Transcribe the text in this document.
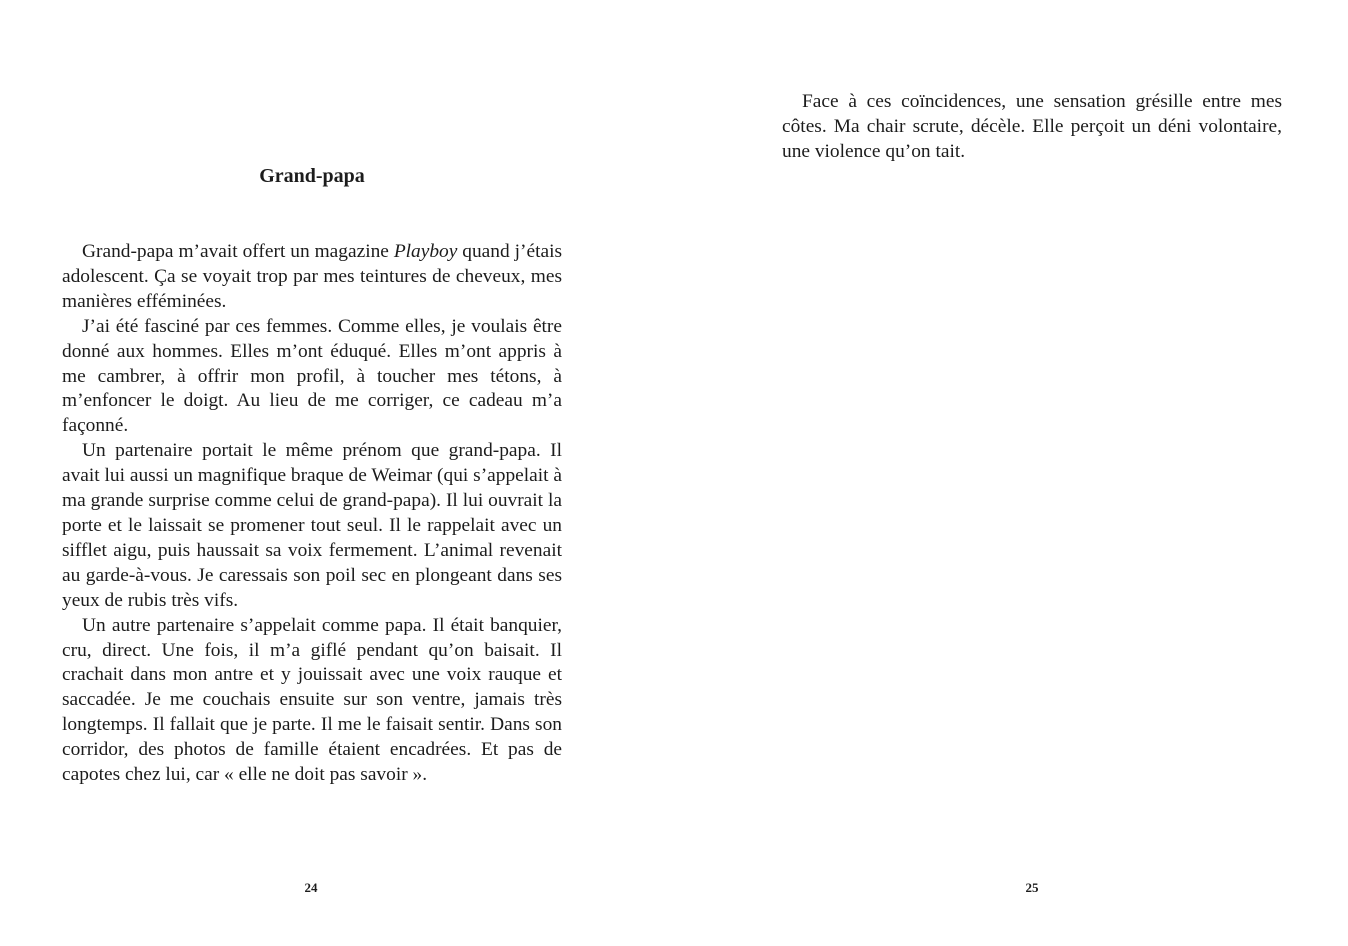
Grand-papa

Grand-papa m’avait offert un magazine Playboy quand j’étais adolescent. Ça se voyait trop par mes teintures de cheveux, mes manières efféminées.

J’ai été fasciné par ces femmes. Comme elles, je voulais être donné aux hommes. Elles m’ont éduqué. Elles m’ont appris à me cambrer, à offrir mon profil, à toucher mes tétons, à m’enfoncer le doigt. Au lieu de me corriger, ce cadeau m’a façonné.

Un partenaire portait le même prénom que grand-papa. Il avait lui aussi un magnifique braque de Weimar (qui s’appelait à ma grande surprise comme celui de grand-papa). Il lui ouvrait la porte et le laissait se promener tout seul. Il le rappelait avec un sifflet aigu, puis haussait sa voix fermement. L’animal revenait au garde-à-vous. Je caressais son poil sec en plongeant dans ses yeux de rubis très vifs.

Un autre partenaire s’appelait comme papa. Il était banquier, cru, direct. Une fois, il m’a giflé pendant qu’on baisait. Il crachait dans mon antre et y jouissait avec une voix rauque et saccadée. Je me couchais ensuite sur son ventre, jamais très longtemps. Il fallait que je parte. Il me le faisait sentir. Dans son corridor, des photos de famille étaient encadrées. Et pas de capotes chez lui, car « elle ne doit pas savoir ».

24

Face à ces coïncidences, une sensation grésille entre mes côtes. Ma chair scrute, décèle. Elle perçoit un déni volontaire, une violence qu’on tait.

25
